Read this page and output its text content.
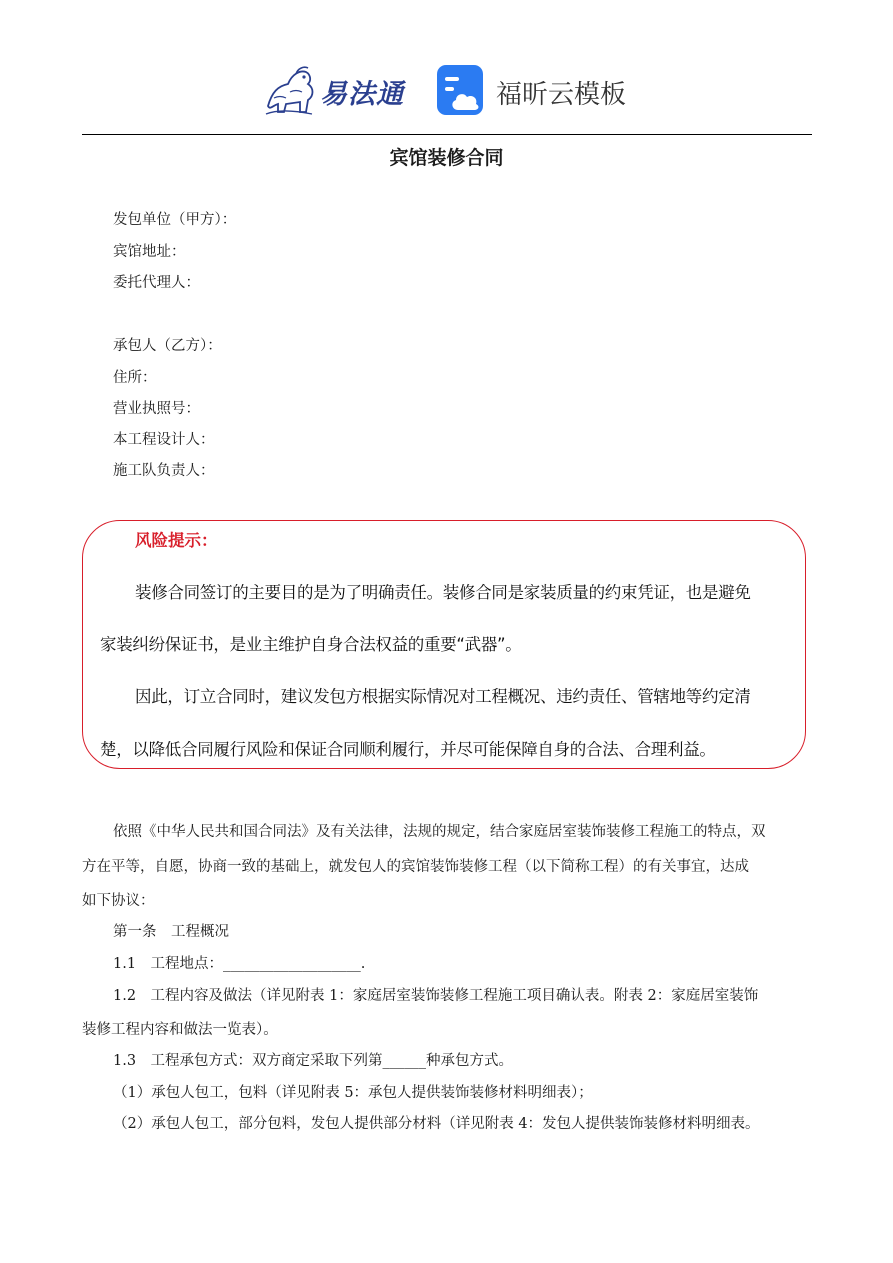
易法通	福昕云模板
宾馆装修合同
发包单位（甲方）：
宾馆地址：
委托代理人：
承包人（乙方）：
住所：
营业执照号：
本工程设计人：
施工队负责人：
风险提示：
装修合同签订的主要目的是为了明确责任。装修合同是家装质量的约束凭证，也是避免
家装纠纷保证书，是业主维护自身合法权益的重要“武器”。
因此，订立合同时，建议发包方根据实际情况对工程概况、违约责任、管辖地等约定清
楚，以降低合同履行风险和保证合同顺利履行，并尽可能保障自身的合法、合理利益。
依照《中华人民共和国合同法》及有关法律，法规的规定，结合家庭居室装饰装修工程施工的特点，双
方在平等，自愿，协商一致的基础上，就发包人的宾馆装饰装修工程（以下简称工程）的有关事宜，达成
如下协议：
第一条　工程概况
1.1　工程地点：___________________.
1.2　工程内容及做法（详见附表 1：家庭居室装饰装修工程施工项目确认表。附表 2：家庭居室装饰
装修工程内容和做法一览表）。
1.3　工程承包方式：双方商定采取下列第______种承包方式。
（1）承包人包工，包料（详见附表 5：承包人提供装饰装修材料明细表）；
（2）承包人包工，部分包料，发包人提供部分材料（详见附表 4：发包人提供装饰装修材料明细表。
